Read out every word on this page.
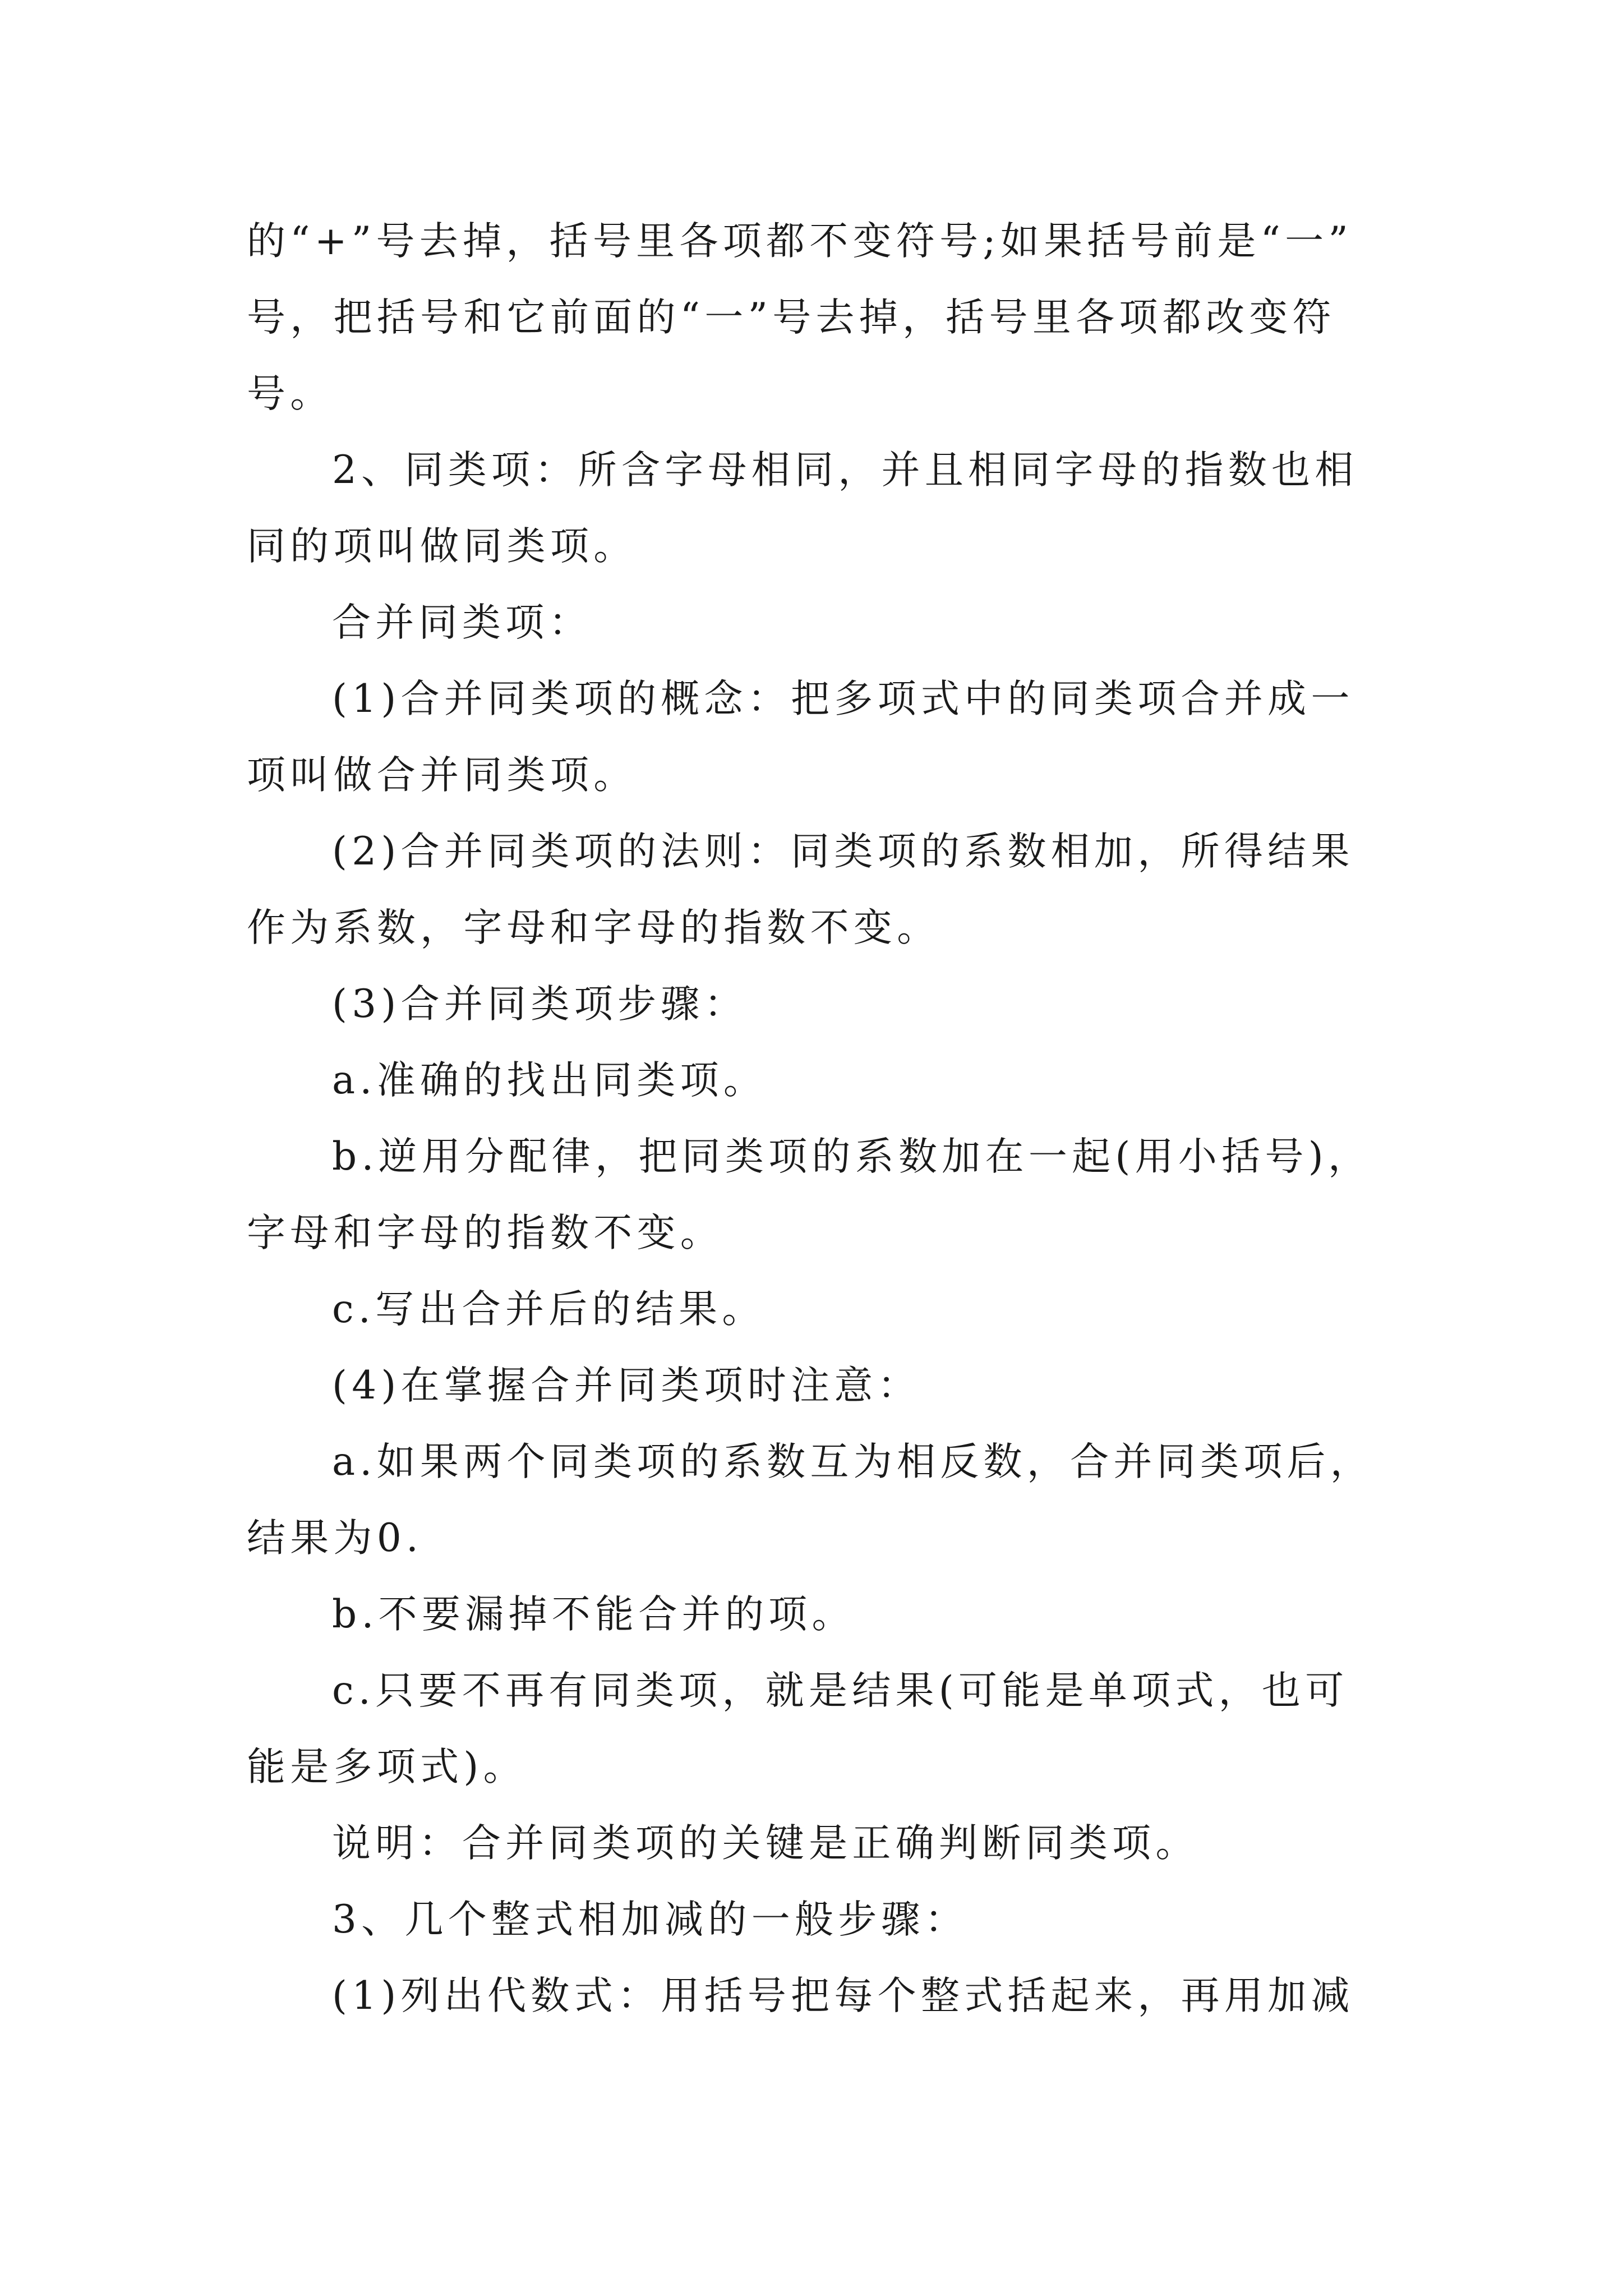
的“+”号去掉，括号里各项都不变符号;如果括号前是“一”
号，把括号和它前面的“一”号去掉，括号里各项都改变符
号。
2、同类项：所含字母相同，并且相同字母的指数也相
同的项叫做同类项。
合并同类项：
(1)合并同类项的概念：把多项式中的同类项合并成一
项叫做合并同类项。
(2)合并同类项的法则：同类项的系数相加，所得结果
作为系数，字母和字母的指数不变。
(3)合并同类项步骤：
a.准确的找出同类项。
b.逆用分配律，把同类项的系数加在一起(用小括号)，
字母和字母的指数不变。
c.写出合并后的结果。
(4)在掌握合并同类项时注意：
a.如果两个同类项的系数互为相反数，合并同类项后，
结果为0.
b.不要漏掉不能合并的项。
c.只要不再有同类项，就是结果(可能是单项式，也可
能是多项式)。
说明：合并同类项的关键是正确判断同类项。
3、几个整式相加减的一般步骤：
(1)列出代数式：用括号把每个整式括起来，再用加减
